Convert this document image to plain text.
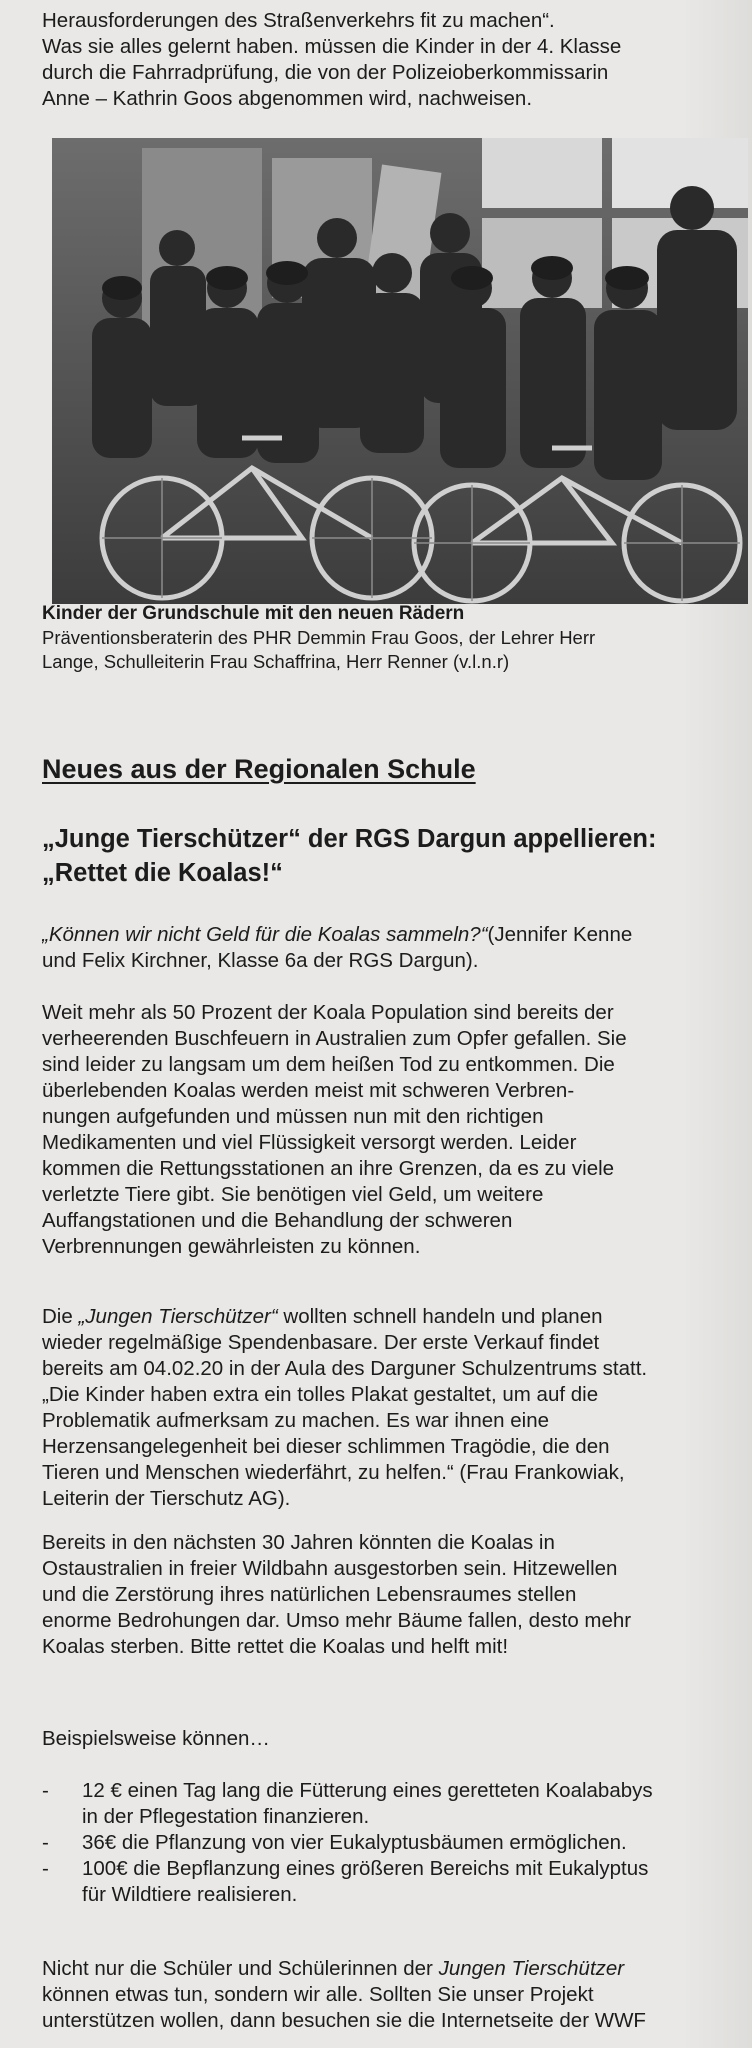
Herausforderungen des Straßenverkehrs fit zu machen“.
Was sie alles gelernt haben. müssen die Kinder in der 4. Klasse
durch die Fahrradprüfung, die von der Polizeioberkommissarin
Anne – Kathrin Goos abgenommen wird, nachweisen.
Kinder der Grundschule mit den neuen Rädern
Präventionsberaterin des PHR Demmin Frau Goos, der Lehrer Herr
Lange, Schulleiterin Frau Schaffrina, Herr Renner (v.l.n.r)
Neues aus der Regionalen Schule
„Junge Tierschützer“ der RGS Dargun appellieren:
„Rettet die Koalas!“
„Können wir nicht Geld für die Koalas sammeln?“(Jennifer Kenne
und Felix Kirchner, Klasse 6a der RGS Dargun).
Weit mehr als 50 Prozent der Koala Population sind bereits der
verheerenden Buschfeuern in Australien zum Opfer gefallen. Sie
sind leider zu langsam um dem heißen Tod zu entkommen. Die
überlebenden Koalas werden meist mit schweren Verbren-
nungen aufgefunden und müssen nun mit den richtigen
Medikamenten und viel Flüssigkeit versorgt werden. Leider
kommen die Rettungsstationen an ihre Grenzen, da es zu viele
verletzte Tiere gibt. Sie benötigen viel Geld, um weitere
Auffangstationen und die Behandlung der schweren
Verbrennungen gewährleisten zu können.
Die „Jungen Tierschützer“ wollten schnell handeln und planen
wieder regelmäßige Spendenbasare. Der erste Verkauf findet
bereits am 04.02.20 in der Aula des Darguner Schulzentrums statt.
„Die Kinder haben extra ein tolles Plakat gestaltet, um auf die
Problematik aufmerksam zu machen. Es war ihnen eine
Herzensangelegenheit bei dieser schlimmen Tragödie, die den
Tieren und Menschen wiederfährt, zu helfen.“ (Frau Frankowiak,
Leiterin der Tierschutz AG).
Bereits in den nächsten 30 Jahren könnten die Koalas in
Ostaustralien in freier Wildbahn ausgestorben sein. Hitzewellen
und die Zerstörung ihres natürlichen Lebensraumes stellen
enorme Bedrohungen dar. Umso mehr Bäume fallen, desto mehr
Koalas sterben. Bitte rettet die Koalas und helft mit!
Beispielsweise können…
- 12 € einen Tag lang die Fütterung eines geretteten Koalababys
in der Pflegestation finanzieren.
- 36€ die Pflanzung von vier Eukalyptusbäumen ermöglichen.
- 100€ die Bepflanzung eines größeren Bereichs mit Eukalyptus
für Wildtiere realisieren.
Nicht nur die Schüler und Schülerinnen der Jungen Tierschützer
können etwas tun, sondern wir alle. Sollten Sie unser Projekt
unterstützen wollen, dann besuchen sie die Internetseite der WWF
